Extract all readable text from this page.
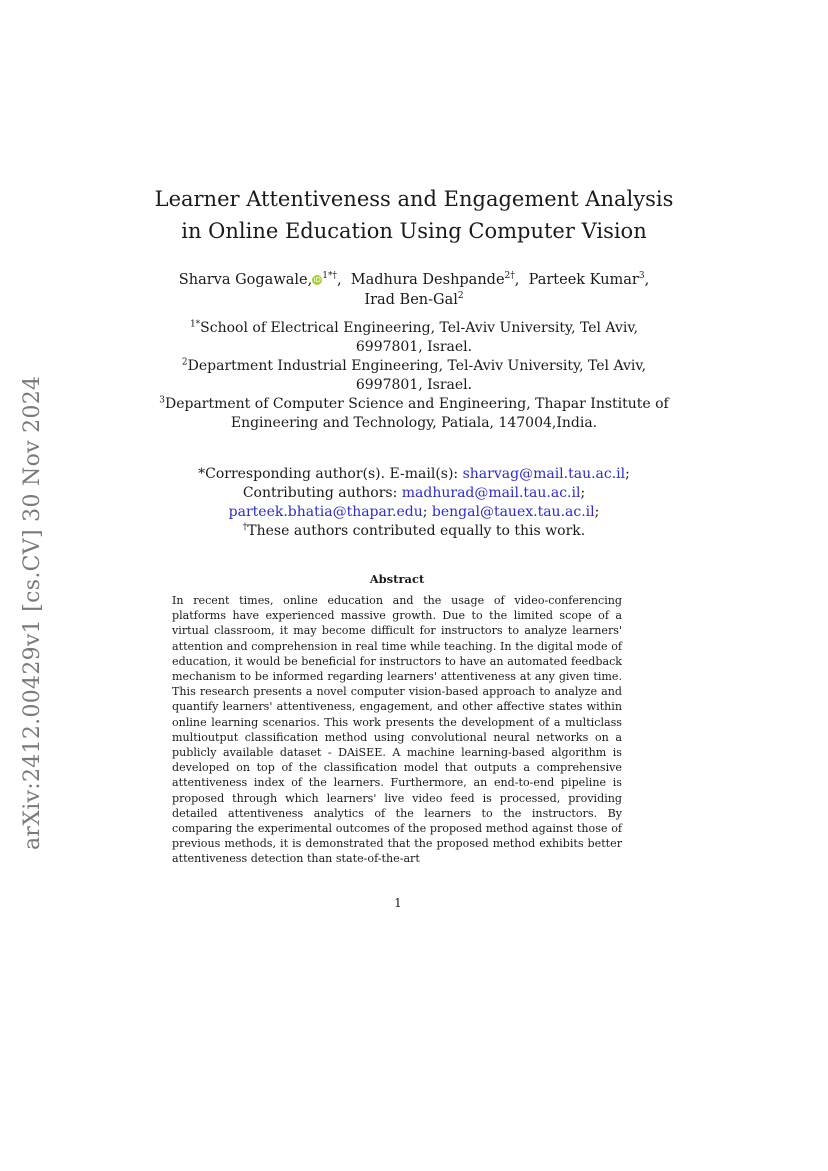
arXiv:2412.00429v1 [cs.CV] 30 Nov 2024
Learner Attentiveness and Engagement Analysis
in Online Education Using Computer Vision
Sharva $Gogawale,iD^{1*\dagger}$,  Madhura Deshpande$^{2\dagger}$,  Parteek Kumar$^3$,
Irad Ben-Gal$^2$
$^{1*}$School of Electrical Engineering, Tel-Aviv University, Tel Aviv,
6997801, Israel.
$^2$Department Industrial Engineering, Tel-Aviv University, Tel Aviv,
6997801, Israel.
$^3$Department of Computer Science and Engineering, Thapar Institute of
Engineering and Technology, Patiala, 147004,India.
*Corresponding author(s). E-mail(s): sharvag@mail.tau.ac.il;
Contributing authors: madhurad@mail.tau.ac.il;
parteek.bhatia@thapar.edu; bengal@tauex.tau.ac.il;
†These authors contributed equally to this work.
Abstract

In recent times, online education and the usage of video-conferencing platforms have experienced massive growth. Due to the limited scope of a virtual classroom, it may become difficult for instructors to analyze learners' attention and comprehension in real time while teaching. In the digital mode of education, it would be beneficial for instructors to have an automated feedback mechanism to be informed regarding learners' attentiveness at any given time. This research presents a novel computer vision-based approach to analyze and quantify learners' attentiveness, engagement, and other affective states within online learning scenarios. This work presents the development of a multiclass multioutput classification method using convolutional neural networks on a publicly available dataset - DAiSEE. A machine learning-based algorithm is developed on top of the classification model that outputs a comprehensive attentiveness index of the learners. Furthermore, an end-to-end pipeline is proposed through which learners' live video feed is processed, providing detailed attentiveness analytics of the learners to the instructors. By comparing the experimental outcomes of the proposed method against those of previous methods, it is demonstrated that the proposed method exhibits better attentiveness detection than state-of-the-art

1
